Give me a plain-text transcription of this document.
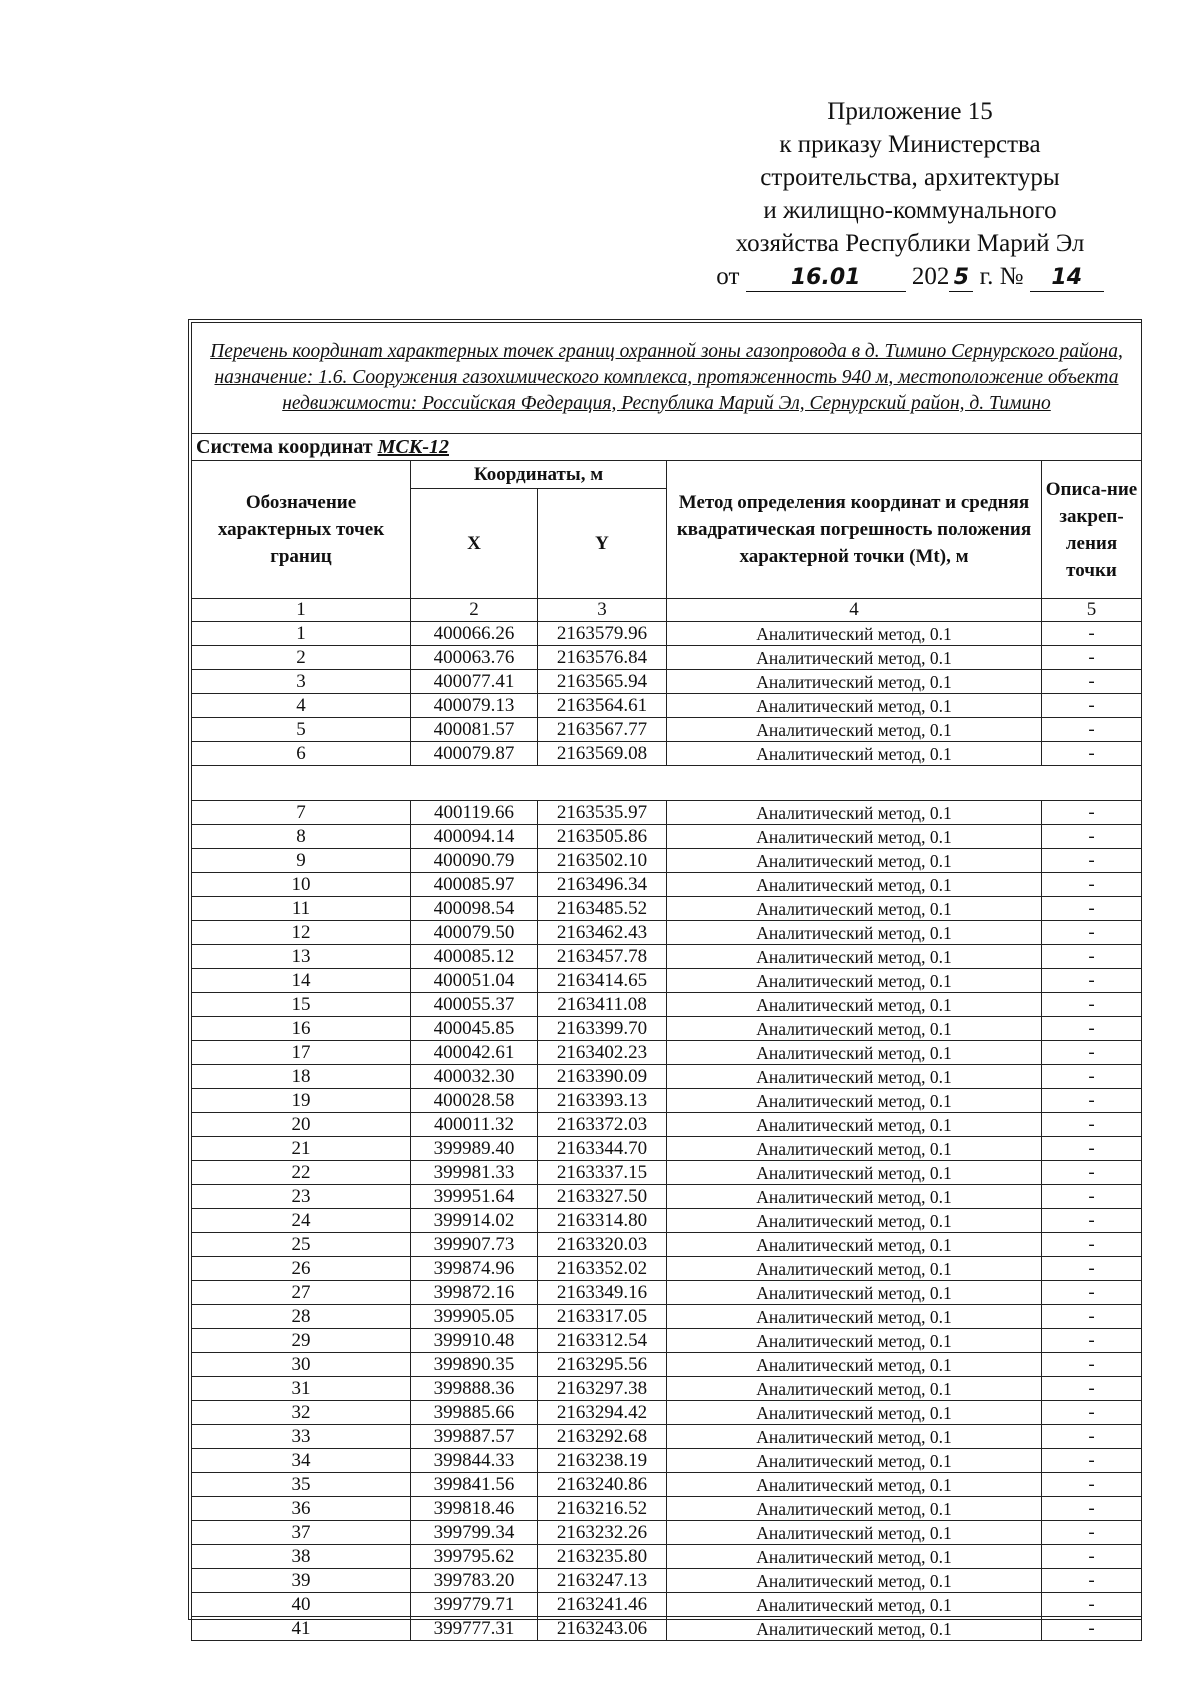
Приложение 15
к приказу Министерства
строительства, архитектуры
и жилищно-коммунального
хозяйства Республики Марий Эл
от 16.01 202 5 г. № 14
Перечень координат характерных точек границ охранной зоны газопровода в д. Тимино Сернурского района, назначение: 1.6. Сооружения газохимического комплекса, протяженность 940 м, местоположение объекта недвижимости: Российская Федерация, Республика Марий Эл, Сернурский район, д. Тимино				
Система координат МСК-12				
Обозначение характерных точек границ	Координаты, м		Метод определения координат и средняя квадратическая погрешность положения характерной точки (Mt), м	Описа-ние закреп-ления точки
	X	Y		
1	2	3	4	5
1	400066.26	2163579.96	Аналитический метод, 0.1	-
2	400063.76	2163576.84	Аналитический метод, 0.1	-
3	400077.41	2163565.94	Аналитический метод, 0.1	-
4	400079.13	2163564.61	Аналитический метод, 0.1	-
5	400081.57	2163567.77	Аналитический метод, 0.1	-
6	400079.87	2163569.08	Аналитический метод, 0.1	-

7	400119.66	2163535.97	Аналитический метод, 0.1	-
8	400094.14	2163505.86	Аналитический метод, 0.1	-
9	400090.79	2163502.10	Аналитический метод, 0.1	-
10	400085.97	2163496.34	Аналитический метод, 0.1	-
11	400098.54	2163485.52	Аналитический метод, 0.1	-
12	400079.50	2163462.43	Аналитический метод, 0.1	-
13	400085.12	2163457.78	Аналитический метод, 0.1	-
14	400051.04	2163414.65	Аналитический метод, 0.1	-
15	400055.37	2163411.08	Аналитический метод, 0.1	-
16	400045.85	2163399.70	Аналитический метод, 0.1	-
17	400042.61	2163402.23	Аналитический метод, 0.1	-
18	400032.30	2163390.09	Аналитический метод, 0.1	-
19	400028.58	2163393.13	Аналитический метод, 0.1	-
20	400011.32	2163372.03	Аналитический метод, 0.1	-
21	399989.40	2163344.70	Аналитический метод, 0.1	-
22	399981.33	2163337.15	Аналитический метод, 0.1	-
23	399951.64	2163327.50	Аналитический метод, 0.1	-
24	399914.02	2163314.80	Аналитический метод, 0.1	-
25	399907.73	2163320.03	Аналитический метод, 0.1	-
26	399874.96	2163352.02	Аналитический метод, 0.1	-
27	399872.16	2163349.16	Аналитический метод, 0.1	-
28	399905.05	2163317.05	Аналитический метод, 0.1	-
29	399910.48	2163312.54	Аналитический метод, 0.1	-
30	399890.35	2163295.56	Аналитический метод, 0.1	-
31	399888.36	2163297.38	Аналитический метод, 0.1	-
32	399885.66	2163294.42	Аналитический метод, 0.1	-
33	399887.57	2163292.68	Аналитический метод, 0.1	-
34	399844.33	2163238.19	Аналитический метод, 0.1	-
35	399841.56	2163240.86	Аналитический метод, 0.1	-
36	399818.46	2163216.52	Аналитический метод, 0.1	-
37	399799.34	2163232.26	Аналитический метод, 0.1	-
38	399795.62	2163235.80	Аналитический метод, 0.1	-
39	399783.20	2163247.13	Аналитический метод, 0.1	-
40	399779.71	2163241.46	Аналитический метод, 0.1	-
41	399777.31	2163243.06	Аналитический метод, 0.1	-
